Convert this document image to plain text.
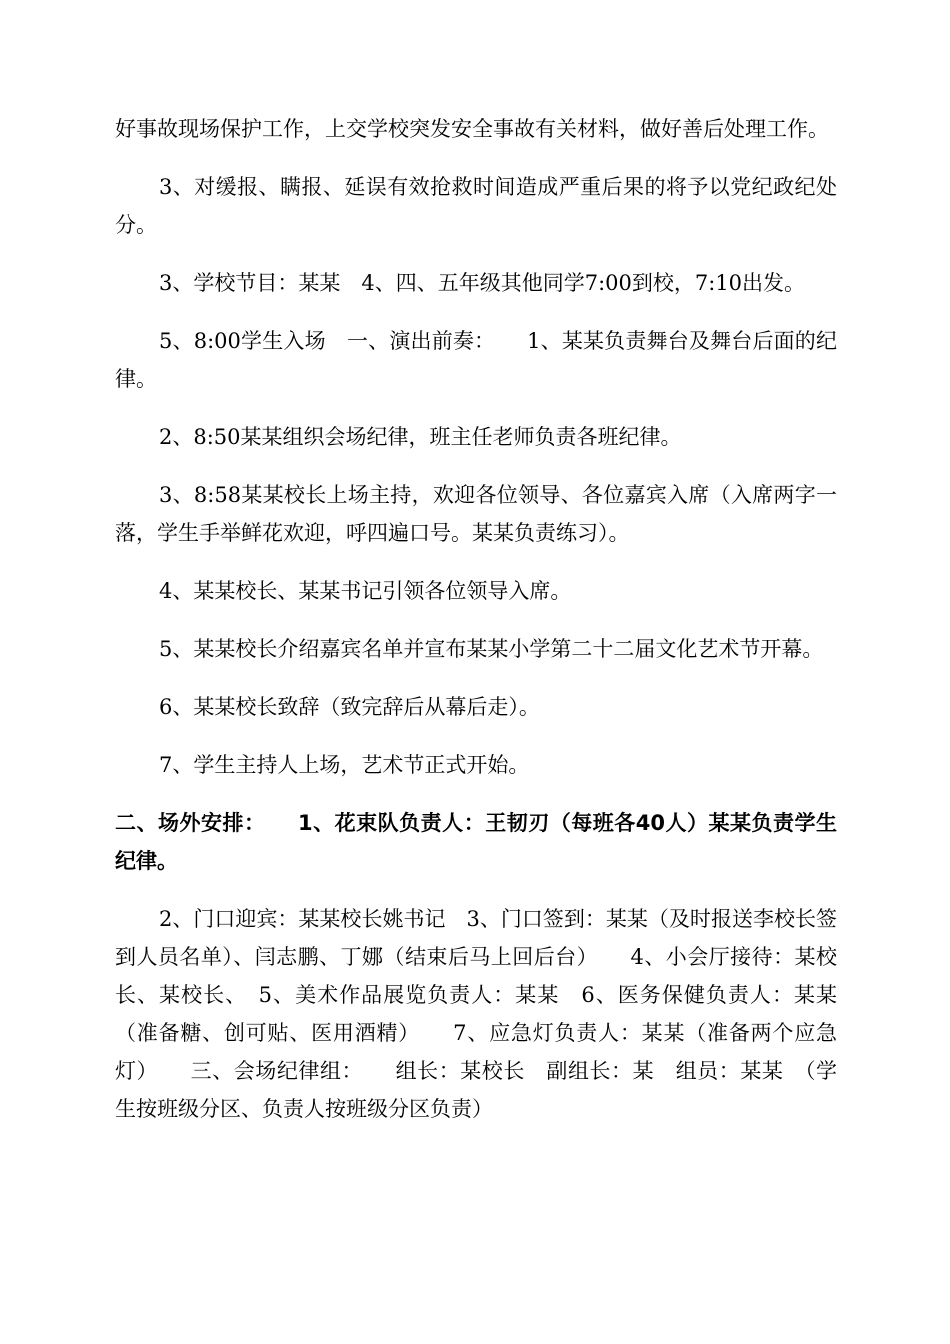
好事故现场保护工作，上交学校突发安全事故有关材料，做好善后处理工作。

3、对缓报、瞒报、延误有效抢救时间造成严重后果的将予以党纪政纪处分。

3、学校节目：某某　4、四、五年级其他同学7:00到校，7:10出发。

5、8:00学生入场　一、演出前奏：　　1、某某负责舞台及舞台后面的纪律。

2、8:50某某组织会场纪律，班主任老师负责各班纪律。

3、8:58某某校长上场主持，欢迎各位领导、各位嘉宾入席（入席两字一落，学生手举鲜花欢迎，呼四遍口号。某某负责练习）。

4、某某校长、某某书记引领各位领导入席。

5、某某校长介绍嘉宾名单并宣布某某小学第二十二届文化艺术节开幕。

6、某某校长致辞（致完辞后从幕后走）。

7、学生主持人上场，艺术节正式开始。

二、场外安排：　　1、花束队负责人：王韧刃（每班各40人）某某负责学生纪律。

2、门口迎宾：某某校长姚书记　3、门口签到：某某（及时报送李校长签到人员名单）、闫志鹏、丁娜（结束后马上回后台）　　4、小会厅接待：某校长、某校长、　5、美术作品展览负责人：某某　6、医务保健负责人：某某（准备糖、创可贴、医用酒精）　　7、应急灯负责人：某某（准备两个应急灯）　　三、会场纪律组：　　组长：某校长　副组长：某　组员：某某　（学生按班级分区、负责人按班级分区负责）
